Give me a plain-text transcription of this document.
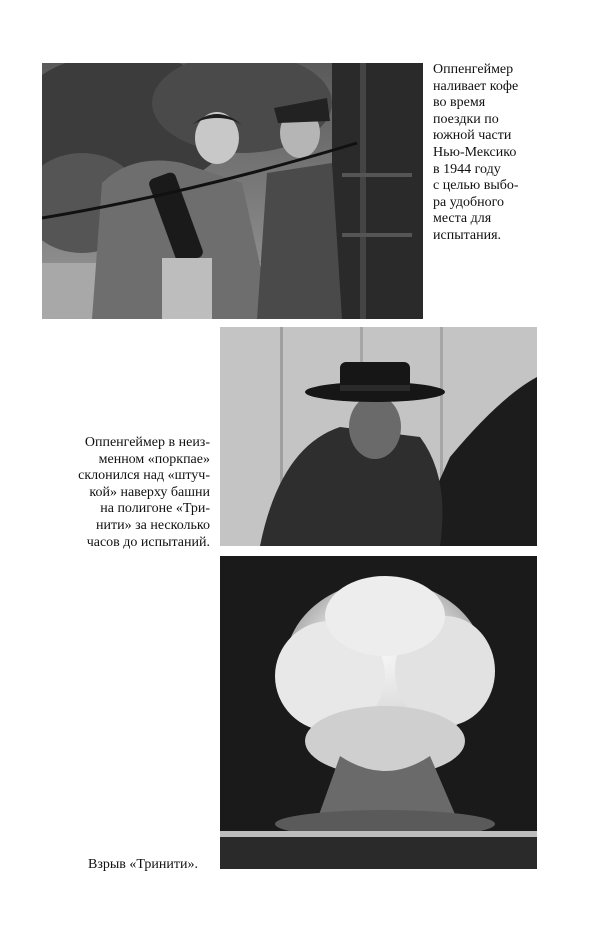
Оппенгеймер
наливает кофе
во время
поездки по
южной части
Нью-Мексико
в 1944 году
с целью выбо-
ра удобного
места для
испытания.
Оппенгеймер в неиз-
менном «поркпае»
склонился над «штуч-
кой» наверху башни
на полигоне «Три-
нити» за несколько
часов до испытаний.
Взрыв «Тринити».
